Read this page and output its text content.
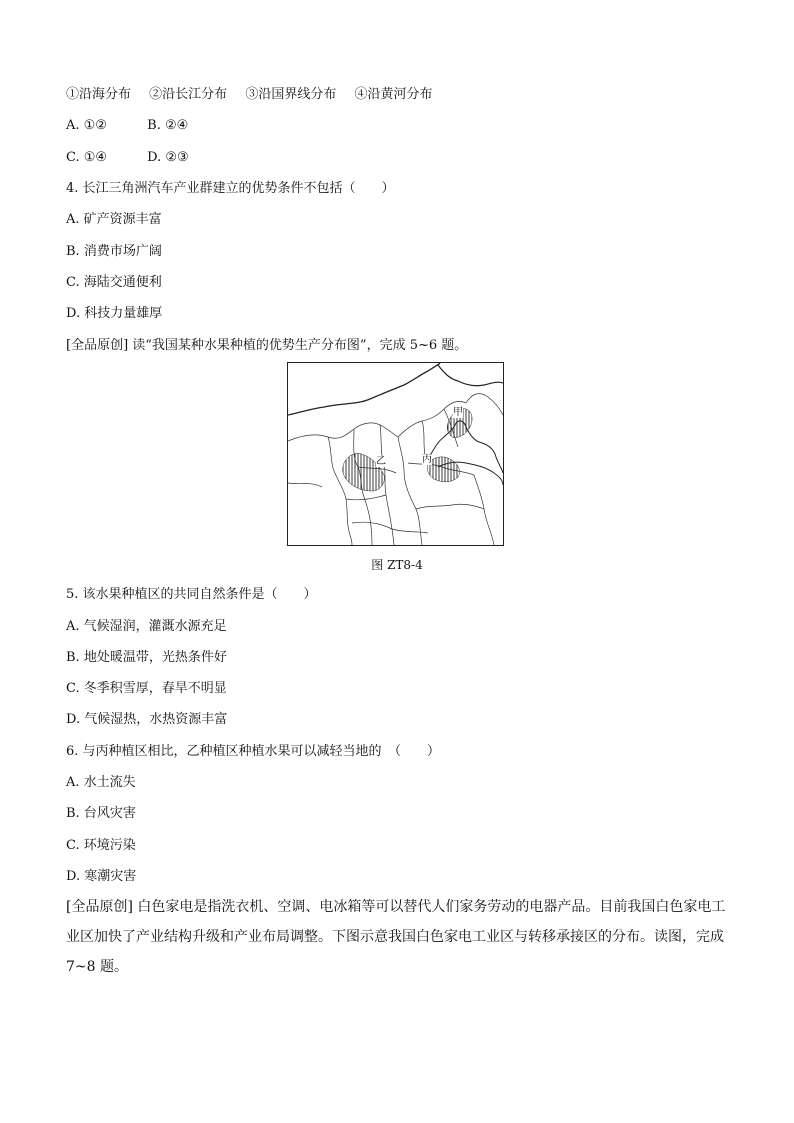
①沿海分布 ②沿长江分布 ③沿国界线分布 ④沿黄河分布
A. ①②	B. ②④
C. ①④	D. ②③
4. 长江三角洲汽车产业群建立的优势条件不包括（　　）
A. 矿产资源丰富
B. 消费市场广阔
C. 海陆交通便利
D. 科技力量雄厚
[全品原创] 读“我国某种水果种植的优势生产分布图”，完成 5~6 题。
甲
乙	丙
图 ZT8-4
5. 该水果种植区的共同自然条件是（　　）
A. 气候湿润，灌溉水源充足
B. 地处暖温带，光热条件好
C. 冬季积雪厚，春旱不明显
D. 气候湿热，水热资源丰富
6. 与丙种植区相比，乙种植区种植水果可以减轻当地的　（　　）
A. 水土流失
B. 台风灾害
C. 环境污染
D. 寒潮灾害
[全品原创] 白色家电是指洗衣机、空调、电冰箱等可以替代人们家务劳动的电器产品。目前我国白色家电工业区加快了产业结构升级和产业布局调整。下图示意我国白色家电工业区与转移承接区的分布。读图，完成 7~8 题。
